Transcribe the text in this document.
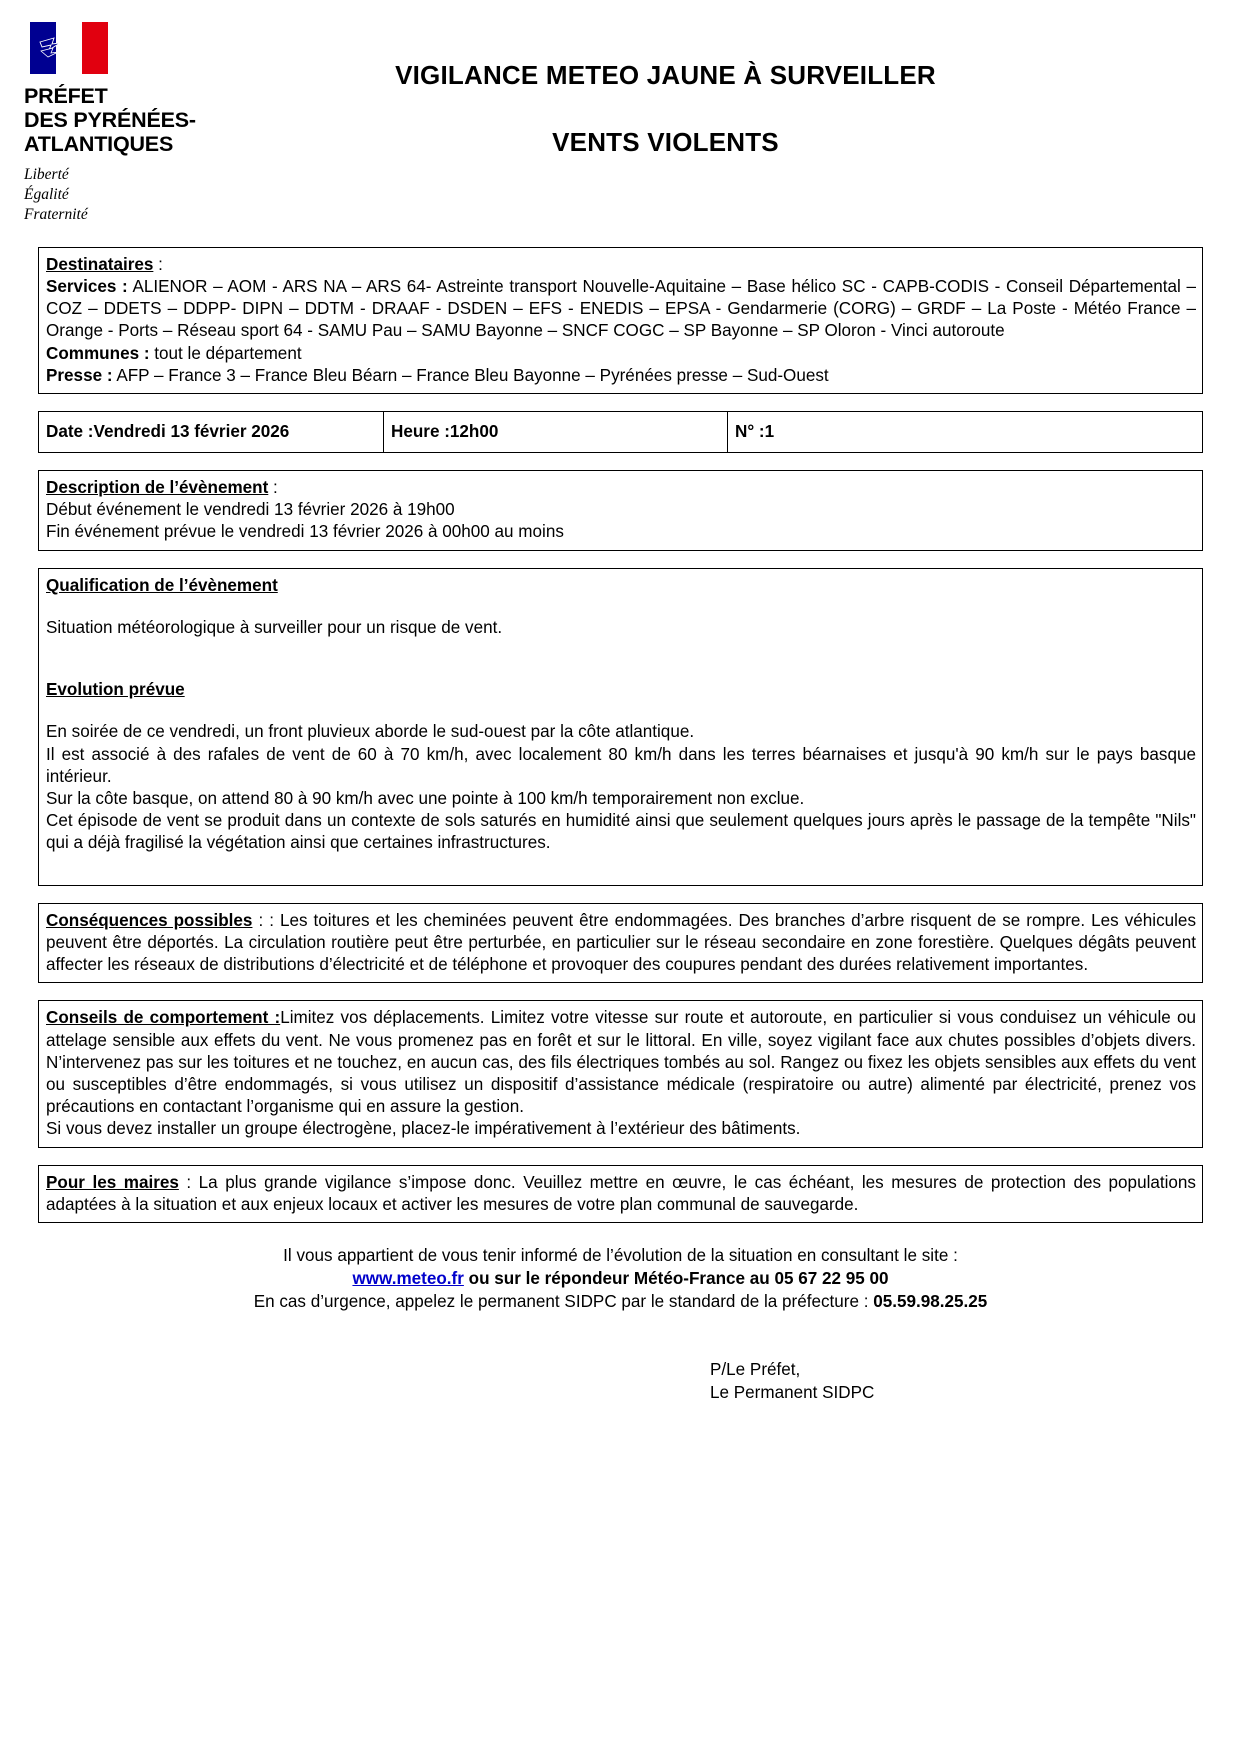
PRÉFET
DES PYRÉNÉES-
ATLANTIQUES
Liberté
Égalité
Fraternité
VIGILANCE METEO JAUNE À SURVEILLER
VENTS VIOLENTS

Destinataires :

Services : ALIENOR – AOM - ARS NA – ARS 64- Astreinte transport Nouvelle-Aquitaine – Base hélico SC - CAPB-CODIS - Conseil Départemental – COZ – DDETS – DDPP- DIPN – DDTM - DRAAF - DSDEN – EFS - ENEDIS – EPSA - Gendarmerie (CORG) – GRDF – La Poste - Météo France – Orange - Ports – Réseau sport 64 - SAMU Pau – SAMU Bayonne – SNCF COGC – SP Bayonne – SP Oloron - Vinci autoroute

Communes : tout le département

Presse : AFP – France 3 – France Bleu Béarn – France Bleu Bayonne – Pyrénées presse – Sud-Ouest

Date : Vendredi 13 février 2026	Heure : 12h00	N° : 1

Description de l’évènement :

Début événement le vendredi 13 février 2026 à 19h00

Fin événement prévue le vendredi 13 février 2026 à 00h00 au moins

Qualification de l’évènement

Situation météorologique à surveiller pour un risque de vent.

Evolution prévue

En soirée de ce vendredi, un front pluvieux aborde le sud-ouest par la côte atlantique.

Il est associé à des rafales de vent de 60 à 70 km/h, avec localement 80 km/h dans les terres béarnaises et jusqu'à 90 km/h sur le pays basque intérieur.

Sur la côte basque, on attend 80 à 90 km/h avec une pointe à 100 km/h temporairement non exclue.

Cet épisode de vent se produit dans un contexte de sols saturés en humidité ainsi que seulement quelques jours après le passage de la tempête "Nils" qui a déjà fragilisé la végétation ainsi que certaines infrastructures.

Conséquences possibles : : Les toitures et les cheminées peuvent être endommagées. Des branches d’arbre risquent de se rompre. Les véhicules peuvent être déportés. La circulation routière peut être perturbée, en particulier sur le réseau secondaire en zone forestière. Quelques dégâts peuvent affecter les réseaux de distributions d’électricité et de téléphone et provoquer des coupures pendant des durées relativement importantes.

Conseils de comportement :Limitez vos déplacements. Limitez votre vitesse sur route et autoroute, en particulier si vous conduisez un véhicule ou attelage sensible aux effets du vent. Ne vous promenez pas en forêt et sur le littoral. En ville, soyez vigilant face aux chutes possibles d’objets divers. N’intervenez pas sur les toitures et ne touchez, en aucun cas, des fils électriques tombés au sol. Rangez ou fixez les objets sensibles aux effets du vent ou susceptibles d’être endommagés, si vous utilisez un dispositif d’assistance médicale (respiratoire ou autre) alimenté par électricité, prenez vos précautions en contactant l’organisme qui en assure la gestion.

Si vous devez installer un groupe électrogène, placez-le impérativement à l’extérieur des bâtiments.

Pour les maires : La plus grande vigilance s’impose donc. Veuillez mettre en œuvre, le cas échéant, les mesures de protection des populations adaptées à la situation et aux enjeux locaux et activer les mesures de votre plan communal de sauvegarde.

Il vous appartient de vous tenir informé de l’évolution de la situation en consultant le site :

www.meteo.fr ou sur le répondeur Météo-France au 05 67 22 95 00

En cas d’urgence, appelez le permanent SIDPC par le standard de la préfecture : 05.59.98.25.25

P/Le Préfet,
Le Permanent SIDPC
